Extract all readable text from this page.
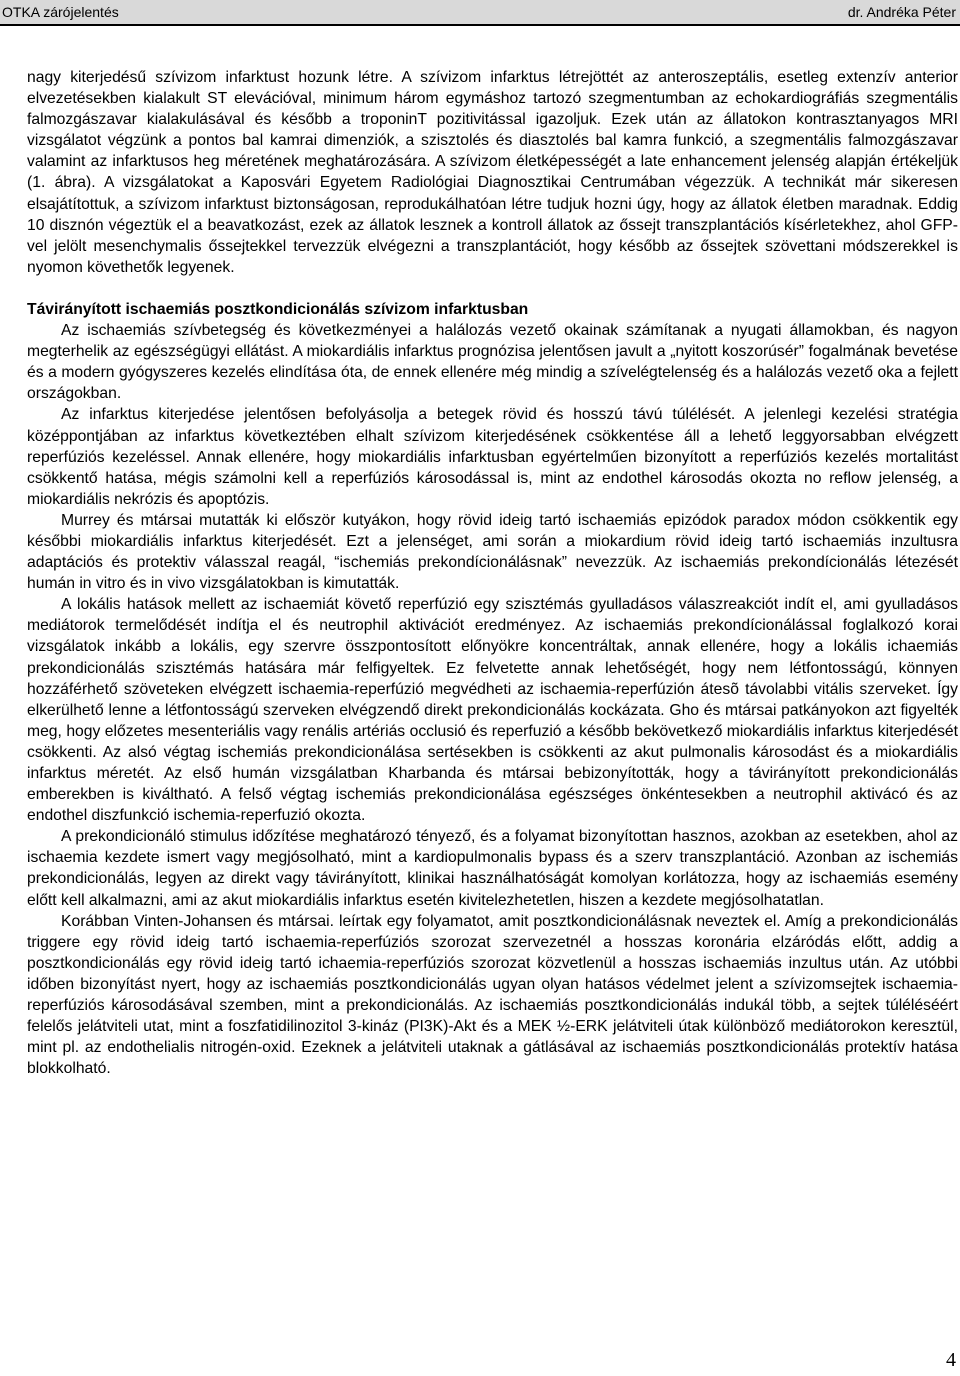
OTKA zárójelentés	dr. Andréka Péter

nagy kiterjedésű szívizom infarktust hozunk létre. A szívizom infarktus létrejöttét az anteroszeptális, esetleg extenzív anterior elvezetésekben kialakult ST elevációval, minimum három egymáshoz tartozó szegmentumban az echokardiográfiás szegmentális falmozgászavar kialakulásával és később a troponinT pozitivitással igazoljuk. Ezek után az állatokon kontrasztanyagos MRI vizsgálatot végzünk a pontos bal kamrai dimenziók, a szisztolés és diasztolés bal kamra funkció, a szegmentális falmozgászavar valamint az infarktusos heg méretének meghatározására. A szívizom életképességét a late enhancement jelenség alapján értékeljük (1. ábra). A vizsgálatokat a Kaposvári Egyetem Radiológiai Diagnosztikai Centrumában végezzük. A technikát már sikeresen elsajátítottuk, a szívizom infarktust biztonságosan, reprodukálhatóan létre tudjuk hozni úgy, hogy az állatok életben maradnak. Eddig 10 disznón végeztük el a beavatkozást, ezek az állatok lesznek a kontroll állatok az őssejt transzplantációs kísérletekhez, ahol GFP-vel jelölt mesenchymalis őssejtekkel tervezzük elvégezni a transzplantációt, hogy később az őssejtek szövettani módszerekkel is nyomon követhetők legyenek.

Távirányított ischaemiás posztkondicionálás szívizom infarktusban

Az ischaemiás szívbetegség és következményei a halálozás vezető okainak számítanak a nyugati államokban, és nagyon megterhelik az egészségügyi ellátást. A miokardiális infarktus prognózisa jelentősen javult a „nyitott koszorúsér” fogalmának bevetése és a modern gyógyszeres kezelés elindítása óta, de ennek ellenére még mindig a szívelégtelenség és a halálozás vezető oka a fejlett országokban.

Az infarktus kiterjedése jelentősen befolyásolja a betegek rövid és hosszú távú túlélését. A jelenlegi kezelési stratégia középpontjában az infarktus következtében elhalt szívizom kiterjedésének csökkentése áll a lehető leggyorsabban elvégzett reperfúziós kezeléssel. Annak ellenére, hogy miokardiális infarktusban egyértelműen bizonyított a reperfúziós kezelés mortalitást csökkentő hatása, mégis számolni kell a reperfúziós károsodással is, mint az endothel károsodás okozta no reflow jelenség, a miokardiális nekrózis és apoptózis.

Murrey és mtársai mutatták ki először kutyákon, hogy rövid ideig tartó ischaemiás epizódok paradox módon csökkentik egy későbbi miokardiális infarktus kiterjedését. Ezt a jelenséget, ami során a miokardium rövid ideig tartó ischaemiás inzultusra adaptációs és protektiv válasszal reagál, “ischemiás prekondícionálásnak” nevezzük. Az ischaemiás prekondícionálás létezését humán in vitro és in vivo vizsgálatokban is kimutatták.

A lokális hatások mellett az ischaemiát követő reperfúzió egy szisztémás gyulladásos válaszreakciót indít el, ami gyulladásos mediátorok termelődését indítja el és neutrophil aktivációt eredményez. Az ischaemiás prekondícionálással foglalkozó korai vizsgálatok inkább a lokális, egy szervre összpontosított előnyökre koncentráltak, annak ellenére, hogy a lokális ichaemiás prekondicionálás szisztémás hatására már felfigyeltek. Ez felvetette annak lehetőségét, hogy nem létfontosságú, könnyen hozzáférhető szöveteken elvégzett ischaemia-reperfúzió megvédheti az ischaemia-reperfúzión átesõ távolabbi vitális szerveket. Így elkerülhető lenne a létfontosságú szerveken elvégzendő direkt prekondicionálás kockázata. Gho és mtársai patkányokon azt figyelték meg, hogy előzetes mesenteriális vagy renális artériás occlusió és reperfuzió a később bekövetkező miokardiális infarktus kiterjedését csökkenti. Az alsó végtag ischemiás prekondicionálása sertésekben is csökkenti az akut pulmonalis károsodást és a miokardiális infarktus méretét. Az első humán vizsgálatban Kharbanda és mtársai bebizonyították, hogy a távirányított prekondicionálás emberekben is kiváltható. A felső végtag ischemiás prekondicionálása egészséges önkéntesekben a neutrophil aktivácó és az endothel diszfunkció ischemia-reperfuzió okozta.

A prekondicionáló stimulus időzítése meghatározó tényező, és a folyamat bizonyítottan hasznos, azokban az esetekben, ahol az ischaemia kezdete ismert vagy megjósolható, mint a kardiopulmonalis bypass és a szerv transzplantáció. Azonban az ischemiás prekondicionálás, legyen az direkt vagy távirányított, klinikai használhatóságát komolyan korlátozza, hogy az ischaemiás esemény előtt kell alkalmazni, ami az akut miokardiális infarktus esetén kivitelezhetetlen, hiszen a kezdete megjósolhatatlan.

Korábban Vinten-Johansen és mtársai. leírtak egy folyamatot, amit posztkondicionálásnak neveztek el. Amíg a prekondicionálás triggere egy rövid ideig tartó ischaemia-reperfúziós szorozat szervezetnél a hosszas koronária elzáródás előtt, addig a posztkondicionálás egy rövid ideig tartó ichaemia-reperfúziós szorozat közvetlenül a hosszas ischaemiás inzultus után. Az utóbbi időben bizonyítást nyert, hogy az ischaemiás posztkondicionálás ugyan olyan hatásos védelmet jelent a szívizomsejtek ischaemia-reperfúziós károsodásával szemben, mint a prekondicionálás. Az ischaemiás posztkondicionálás indukál több, a sejtek túléléséért felelős jelátviteli utat, mint a foszfatidilinozitol 3-kináz (PI3K)-Akt és a MEK ½-ERK jelátviteli útak különböző mediátorokon keresztül, mint pl. az endothelialis nitrogén-oxid. Ezeknek a jelátviteli utaknak a gátlásával az ischaemiás posztkondicionálás protektív hatása blokkolható.

4
